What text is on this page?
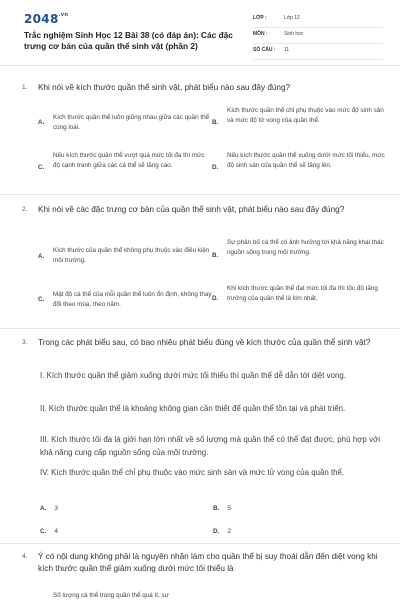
$2048^{.vn}$
Trắc nghiệm Sinh Học 12 Bài 38 (có đáp án): Các đặc trưng cơ bản của quần thể sinh vật (phần 2)
LỚP :	Lớp 12
MÔN :	Sinh học
SỐ CÂU : 11
1. Khi nói về kích thước quần thể sinh vật, phát biểu nào sau đây đúng?
A.
Kích thước quần thể luôn giống nhau giữa các quần thể cùng loài.
B.
Kích thước quần thể chỉ phụ thuộc vào mức độ sinh sản và mức độ tử vong của quần thể.
C.
Nếu kích thước quần thể vượt quá mức tối đa thì mức độ cạnh tranh giữa các cá thể sẽ tăng cao.	D.
Nếu kích thước quần thể xuống dưới mức tối thiểu, mức độ sinh sản của quần thể sẽ tăng lên.
2. Khi nói về các đặc trưng cơ bản của quần thể sinh vật, phát biểu nào sau đây đúng?
A.
Kích thước của quần thể không phụ thuộc vào điều kiện môi trường.
B.
Sự phân bố cá thể có ảnh hưởng tới khả năng khai thác nguồn sống trong môi trường.
C.
Mật độ cá thể của mỗi quần thể luôn ổn định, không thay đổi theo mùa, theo năm.
D.
Khi kích thước quần thể đạt mức tối đa thì tốc độ tăng trưởng của quần thể là lớn nhất.
3. Trong các phát biểu sau, có bao nhiêu phát biểu đúng về kích thước của quần thể sinh vật?
I. Kích thước quần thể giảm xuống dưới mức tối thiểu thì quần thể dễ dẫn tới diệt vong.
II. Kích thước quần thể là khoảng không gian cần thiết để quần thể tồn tại và phát triển.
III. Kích thước tối đa là giới hạn lớn nhất về số lượng mà quần thể có thể đạt được, phù hợp với khả năng cung cấp nguồn sống của môi trường.
IV. Kích thước quần thể chỉ phụ thuộc vào mức sinh sản và mức tử vong của quần thể.
A. 3	B. 5
C. 4	D. 2
4. Ý có nội dung không phải là nguyên nhân làm cho quần thể bị suy thoái dẫn đến diệt vong khi kích thước quần thể giảm xuống dưới mức tối thiểu là
Số lượng cá thể trong quần thể quá ít, sự
